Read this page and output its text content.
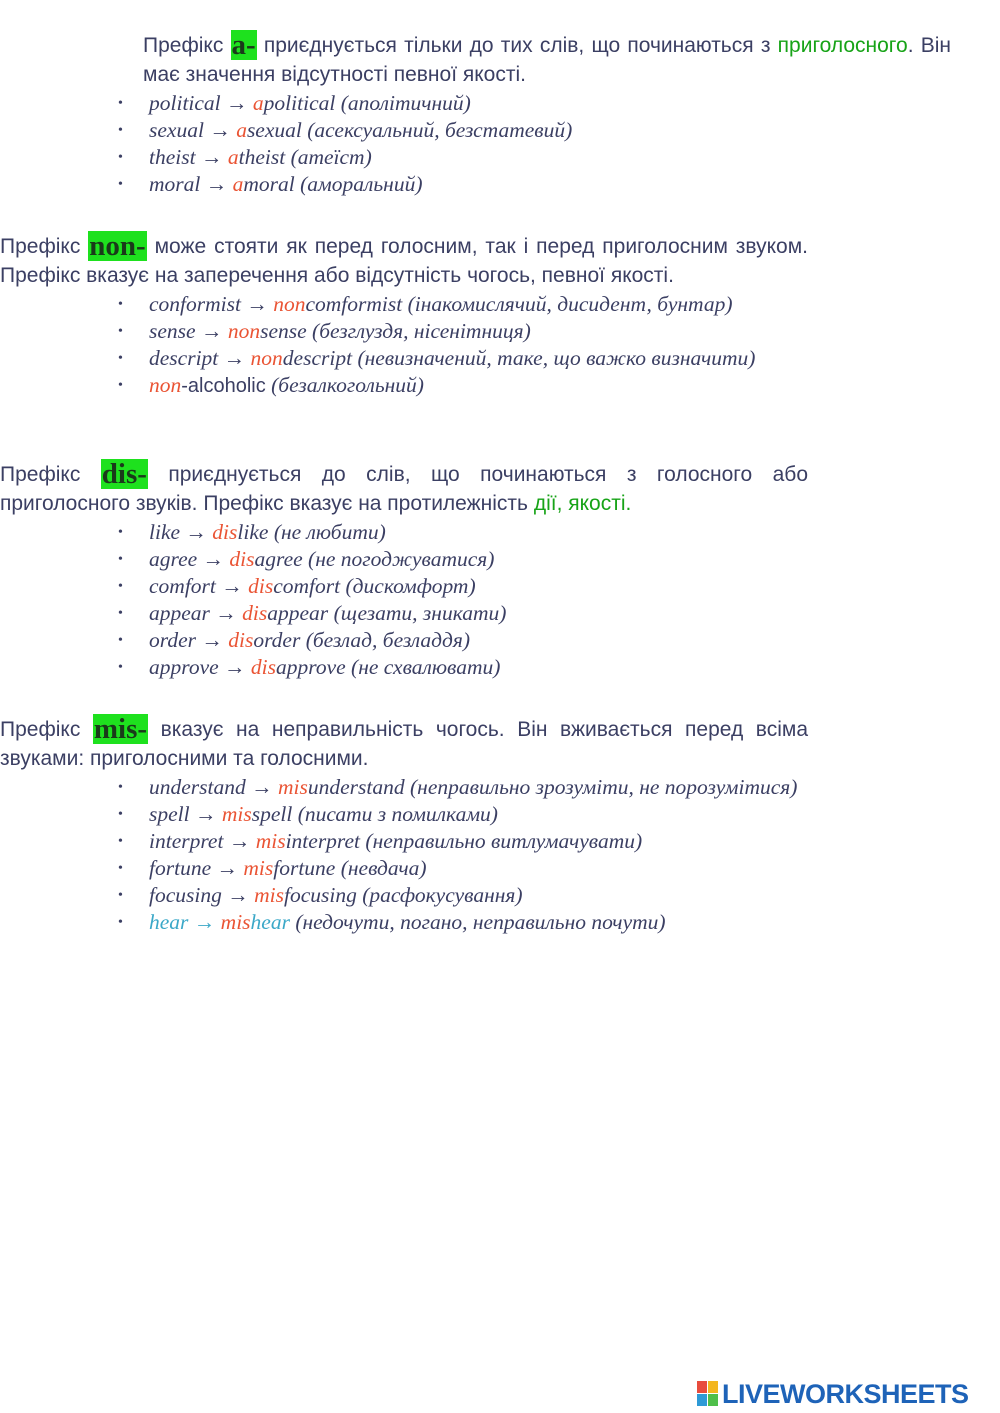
Префікс a- приєднується тільки до тих слів, що починаються з приголосного. Він має значення відсутності певної якості.

• political → apolitical (аполітичний)
• sexual → asexual (асексуальний, безстатевий)
• theist → atheist (атеїст)
• moral → amoral (аморальний)

Префікс non- може стояти як перед голосним, так і перед приголосним звуком. Префікс вказує на заперечення або відсутність чогось, певної якості.

• conformist → noncomformist (інакомислячий, дисидент, бунтар)
• sense → nonsense (безглуздя, нісенітниця)
• descript → nondescript (невизначений, таке, що важко визначити)
• non-alcoholic (безалкогольний)

Префікс dis- приєднується до слів, що починаються з голосного або приголосного звуків. Префікс вказує на протилежність дії, якості.

• like → dislike (не любити)
• agree → disagree (не погоджуватися)
• comfort → discomfort (дискомфорт)
• appear → disappear (щезати, зникати)
• order → disorder (безлад, безладдя)
• approve → disapprove (не схвалювати)

Префікс mis- вказує на неправильність чогось. Він вживається перед всіма звуками: приголосними та голосними.

• understand → misunderstand (неправильно зрозуміти, не порозумітися)
• spell → misspell (писати з помилками)
• interpret → misinterpret (неправильно витлумачувати)
• fortune → misfortune (невдача)
• focusing → misfocusing (расфокусування)
• hear → mishear (недочути, погано, неправильно почути)
LIVEWORKSHEETS
